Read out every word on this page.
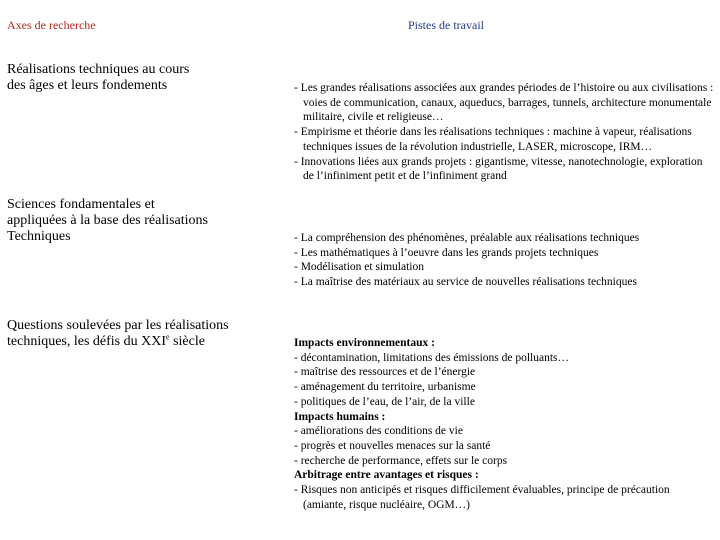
Axes de recherche	Pistes de travail
Réalisations techniques au cours
des âges et leurs fondements	- Les grandes réalisations associées aux grandes périodes de l’histoire ou aux civilisations : voies de communication, canaux, aqueducs, barrages, tunnels, architecture monumentale militaire, civile et religieuse…
- Empirisme et théorie dans les réalisations techniques : machine à vapeur, réalisations techniques issues de la révolution industrielle, LASER, microscope, IRM…
- Innovations liées aux grands projets : gigantisme, vitesse, nanotechnologie, exploration de l’infiniment petit et de l’infiniment grand
Sciences fondamentales et
appliquées à la base des réalisations
Techniques	- La compréhension des phénomènes, préalable aux réalisations techniques
- Les mathématiques à l’oeuvre dans les grands projets techniques
- Modélisation et simulation
- La maîtrise des matériaux au service de nouvelles réalisations techniques
Questions soulevées par les réalisations
techniques, les défis du XXIe siècle	Impacts environnementaux :
- décontamination, limitations des émissions de polluants…
- maîtrise des ressources et de l’énergie
- aménagement du territoire, urbanisme
- politiques de l’eau, de l’air, de la ville
Impacts humains :
- améliorations des conditions de vie
- progrès et nouvelles menaces sur la santé
- recherche de performance, effets sur le corps
Arbitrage entre avantages et risques :
- Risques non anticipés et risques difficilement évaluables, principe de précaution (amiante, risque nucléaire, OGM…)
